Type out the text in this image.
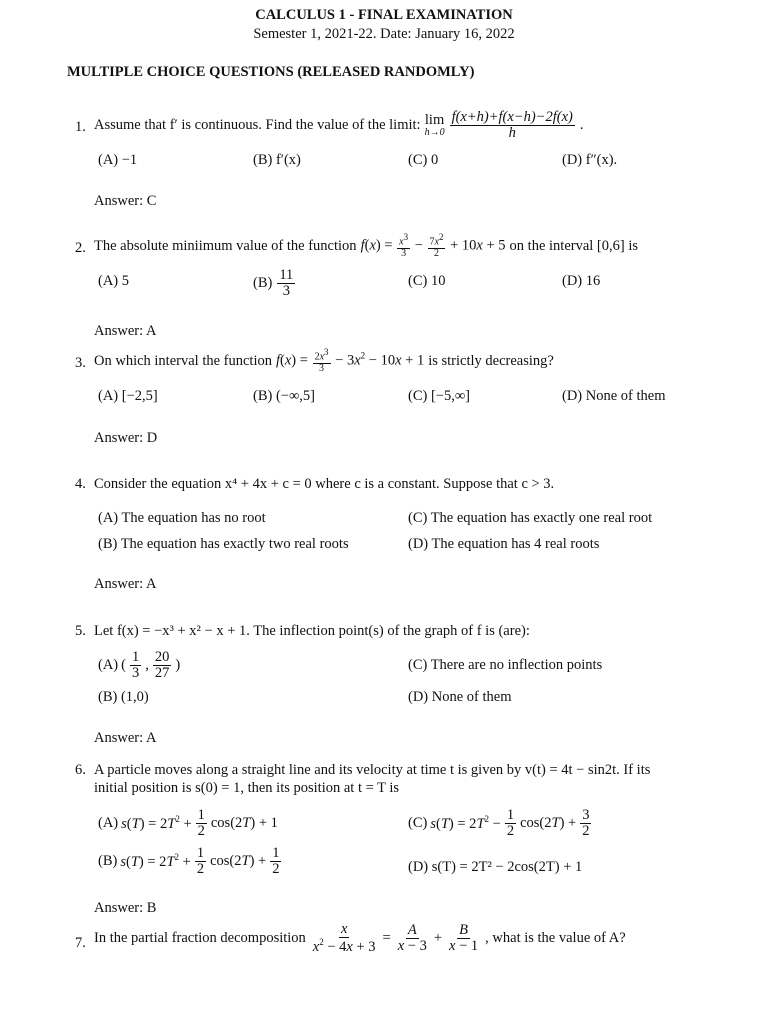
CALCULUS 1 - FINAL EXAMINATION
Semester 1, 2021-22. Date: January 16, 2022
MULTIPLE CHOICE QUESTIONS (RELEASED RANDOMLY)
1. Assume that f′ is continuous. Find the value of the limit: lim
$h\to 0 \frac{f(x+h)+f(x-h)-2f(x)}{h}$ .
(A) −1	(B) f′(x)	(C) 0	(D) f″(x).
Answer: C
2. The absolute miniimum value of the function $f(x) = \frac{x^3}{3} - \frac{7x^2}{2} + 10x + 5$ on the interval [0,6] is
(A) 5	$(B) \frac{11}{3}$	(C) 10	(D) 16
Answer: A
3. On which interval the function $f(x) = \frac{2x^3}{3} - 3x^2 - 10x + 1$ is strictly decreasing?
(A) [−2,5]	(B) (−∞,5]	(C) [−5,∞]	(D) None of them
Answer: D
4. Consider the equation x⁴ + 4x + c = 0 where c is a constant. Suppose that c > 3.
(A) The equation has no root
(B) The equation has exactly two real roots
(C) The equation has exactly one real root
(D) The equation has 4 real roots
Answer: A
5. Let f(x) = −x³ + x² − x + 1. The inflection point(s) of the graph of f is (are):
(A) ( $\frac{1}{3}$ , $\frac{20}{27}$ )
(B) (1,0)
(C) There are no inflection points
(D) None of them
Answer: A
6. A particle moves along a straight line and its velocity at time t is given by v(t) = 4t − sin2t. If its
initial position is s(0) = 1, then its position at t = T is
(A) $s(T) = 2T^2 + \frac{1}{2} \cos(2T) + 1$
(B) $s(T) = 2T^2 + \frac{1}{2} \cos(2T) + \frac{1}{2}$
(C) $s(T) = 2T^2 - \frac{1}{2} \cos(2T) + \frac{3}{2}$
(D) s(T) = 2T² − 2cos(2T) + 1
Answer: B
7. In the partial fraction decomposition $\frac{x}{x^2 - 4x + 3} = \frac{A}{x - 3} + \frac{B}{x - 1}$ , what is the value of A?
